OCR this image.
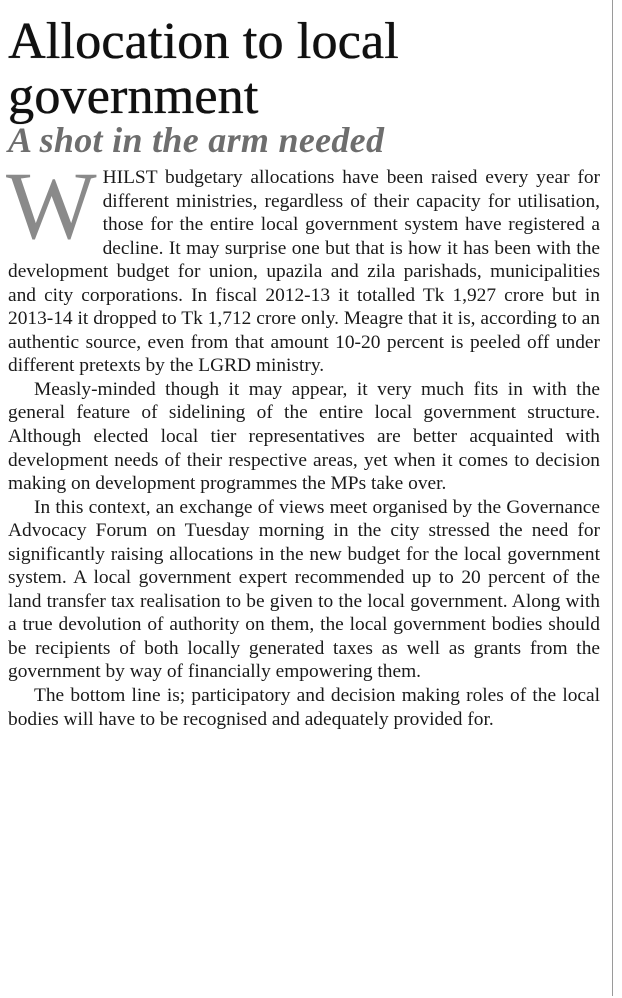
Allocation to local government
A shot in the arm needed

WHILST budgetary allocations have been raised every year for different ministries, regardless of their capacity for utilisation, those for the entire local government system have registered a decline. It may surprise one but that is how it has been with the development budget for union, upazila and zila parishads, municipalities and city corporations. In fiscal 2012-13 it totalled Tk 1,927 crore but in 2013-14 it dropped to Tk 1,712 crore only. Meagre that it is, according to an authentic source, even from that amount 10-20 percent is peeled off under different pretexts by the LGRD ministry.

Measly-minded though it may appear, it very much fits in with the general feature of sidelining of the entire local government structure. Although elected local tier representatives are better acquainted with development needs of their respective areas, yet when it comes to decision making on development programmes the MPs take over.

In this context, an exchange of views meet organised by the Governance Advocacy Forum on Tuesday morning in the city stressed the need for significantly raising allocations in the new budget for the local government system. A local government expert recommended up to 20 percent of the land transfer tax realisation to be given to the local government. Along with a true devolution of authority on them, the local government bodies should be recipients of both locally generated taxes as well as grants from the government by way of financially empowering them.

The bottom line is; participatory and decision making roles of the local bodies will have to be recognised and adequately provided for.
